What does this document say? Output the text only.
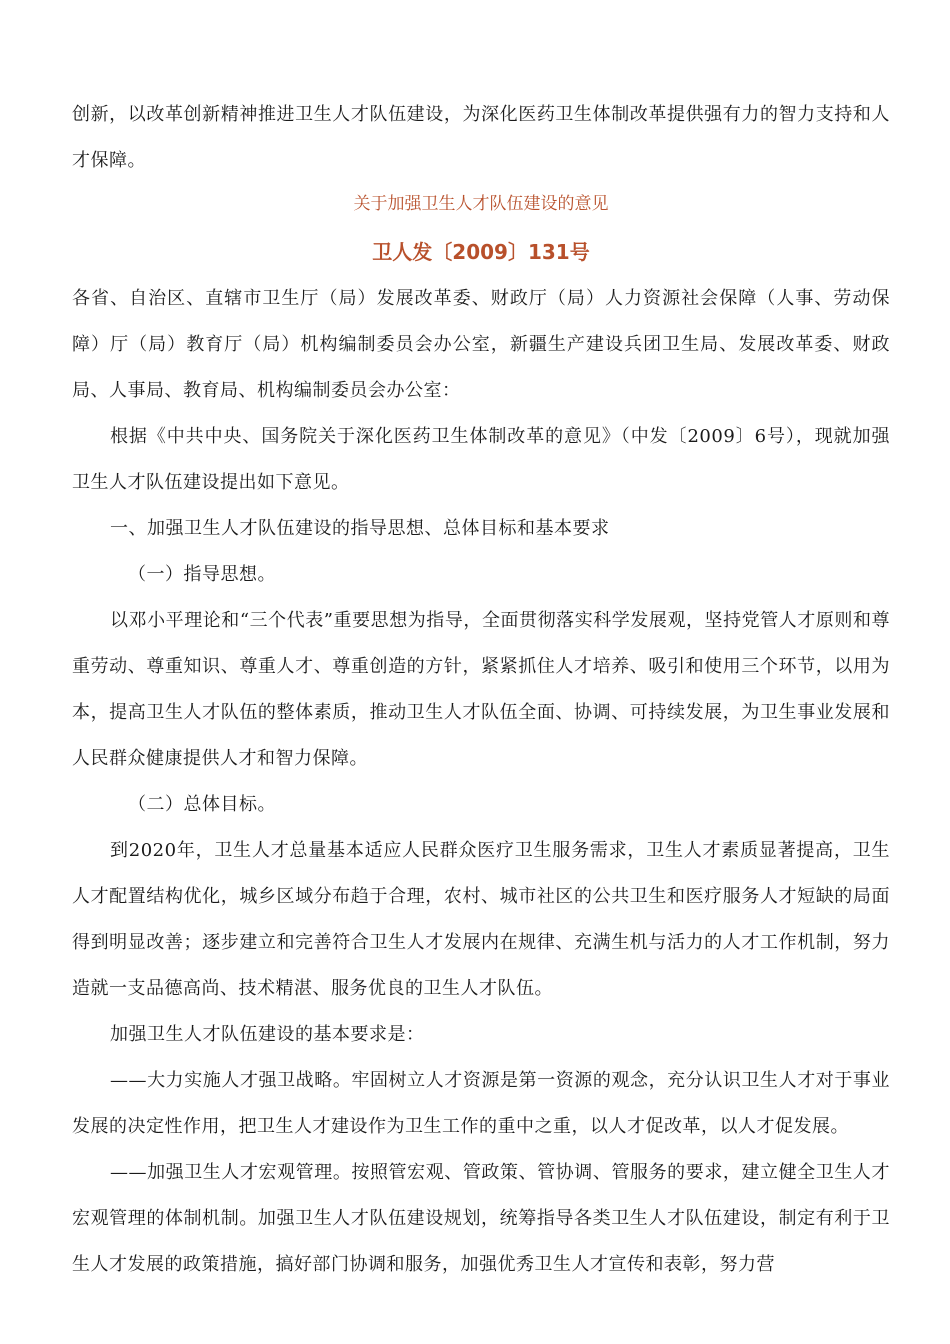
创新，以改革创新精神推进卫生人才队伍建设，为深化医药卫生体制改革提供强有力的智力支持和人才保障。

关于加强卫生人才队伍建设的意见

卫人发〔2009〕131号

各省、自治区、直辖市卫生厅（局）发展改革委、财政厅（局）人力资源社会保障（人事、劳动保障）厅（局）教育厅（局）机构编制委员会办公室，新疆生产建设兵团卫生局、发展改革委、财政局、人事局、教育局、机构编制委员会办公室：

根据《中共中央、国务院关于深化医药卫生体制改革的意见》（中发〔2009〕6号），现就加强卫生人才队伍建设提出如下意见。

一、加强卫生人才队伍建设的指导思想、总体目标和基本要求

（一）指导思想。

以邓小平理论和“三个代表”重要思想为指导，全面贯彻落实科学发展观，坚持党管人才原则和尊重劳动、尊重知识、尊重人才、尊重创造的方针，紧紧抓住人才培养、吸引和使用三个环节，以用为本，提高卫生人才队伍的整体素质，推动卫生人才队伍全面、协调、可持续发展，为卫生事业发展和人民群众健康提供人才和智力保障。

（二）总体目标。

到2020年，卫生人才总量基本适应人民群众医疗卫生服务需求，卫生人才素质显著提高，卫生人才配置结构优化，城乡区域分布趋于合理，农村、城市社区的公共卫生和医疗服务人才短缺的局面得到明显改善；逐步建立和完善符合卫生人才发展内在规律、充满生机与活力的人才工作机制，努力造就一支品德高尚、技术精湛、服务优良的卫生人才队伍。

加强卫生人才队伍建设的基本要求是：

——大力实施人才强卫战略。牢固树立人才资源是第一资源的观念，充分认识卫生人才对于事业发展的决定性作用，把卫生人才建设作为卫生工作的重中之重，以人才促改革，以人才促发展。

——加强卫生人才宏观管理。按照管宏观、管政策、管协调、管服务的要求，建立健全卫生人才宏观管理的体制机制。加强卫生人才队伍建设规划，统筹指导各类卫生人才队伍建设，制定有利于卫生人才发展的政策措施，搞好部门协调和服务，加强优秀卫生人才宣传和表彰，努力营
